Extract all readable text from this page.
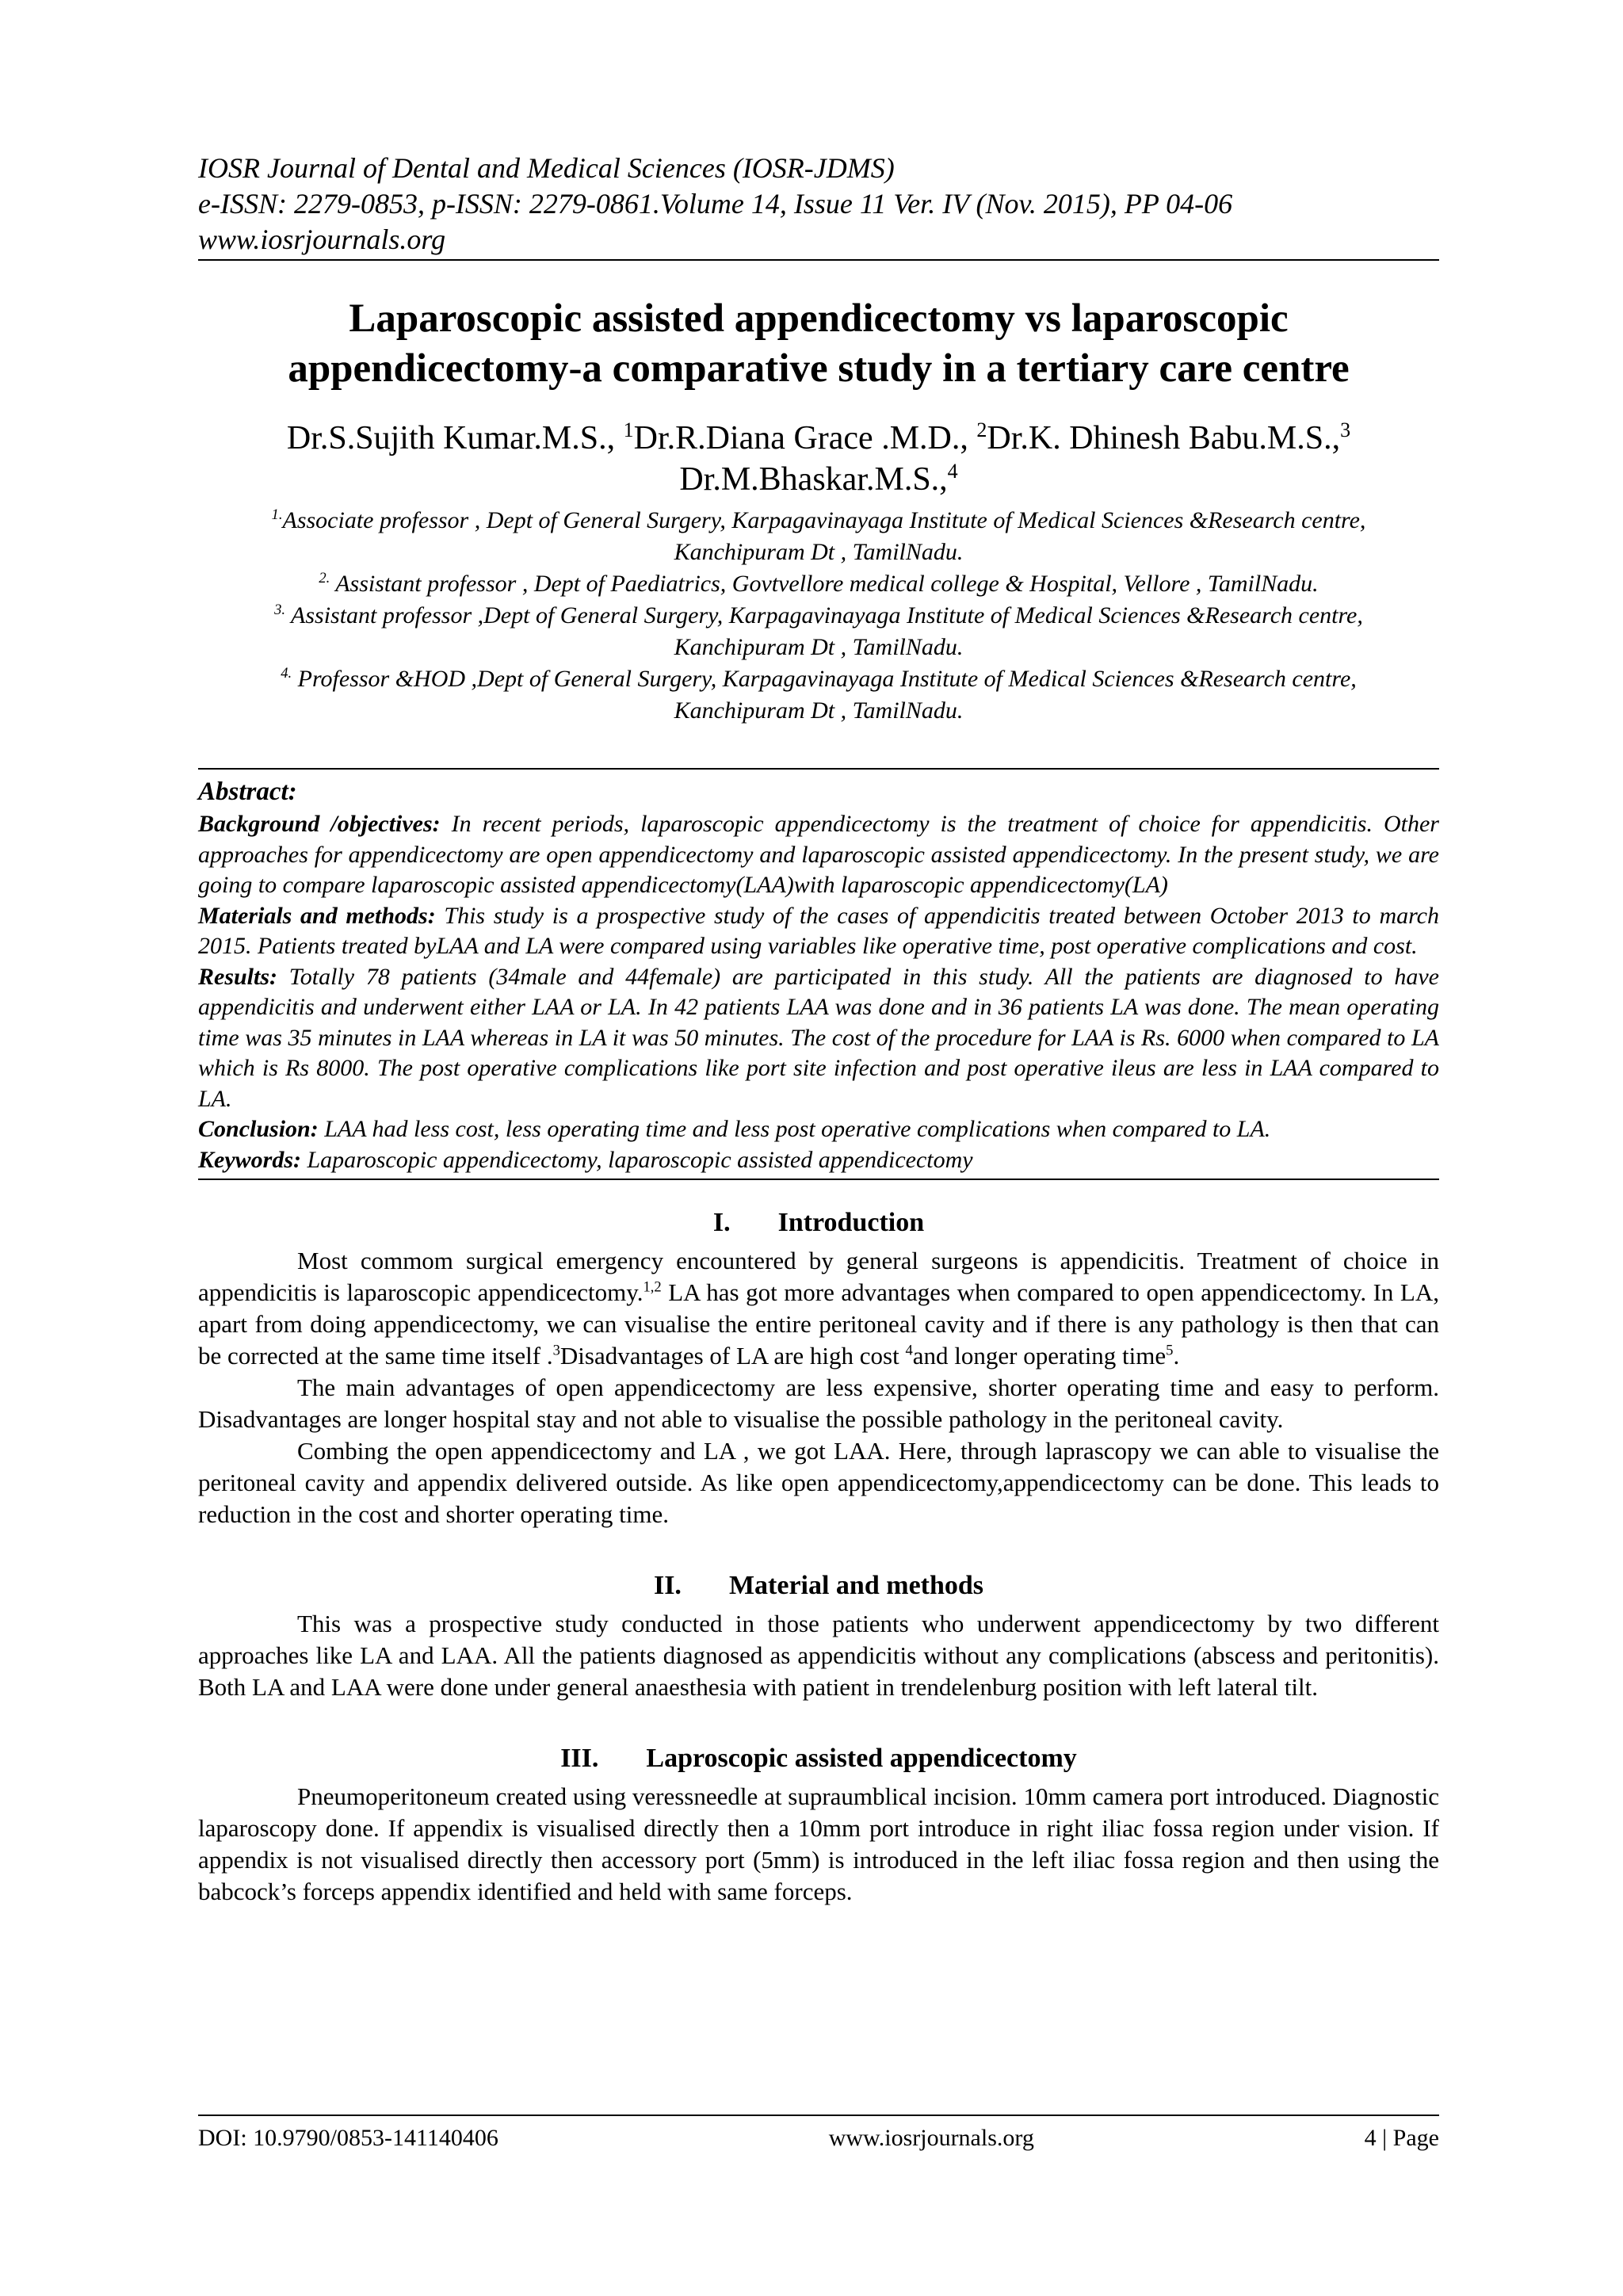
IOSR Journal of Dental and Medical Sciences (IOSR-JDMS)
e-ISSN: 2279-0853, p-ISSN: 2279-0861.Volume 14, Issue 11 Ver. IV (Nov. 2015), PP 04-06
www.iosrjournals.org
Laparoscopic assisted appendicectomy vs laparoscopic
appendicectomy-a comparative study in a tertiary care centre
Dr.S.Sujith Kumar.M.S., $^1$Dr.R.Diana Grace .M.D., $^2$Dr.K. Dhinesh Babu.M.S.,$^3$
Dr.M.Bhaskar.M.S.,$^4$
$^{1.}$Associate professor , Dept of General Surgery, Karpagavinayaga Institute of Medical Sciences &Research centre, Kanchipuram Dt , TamilNadu.
$^{2.}$ Assistant professor , Dept of Paediatrics, Govtvellore medical college & Hospital, Vellore , TamilNadu.
$^{3.}$ Assistant professor ,Dept of General Surgery, Karpagavinayaga Institute of Medical Sciences &Research centre, Kanchipuram Dt , TamilNadu.
$^{4.}$ Professor &HOD ,Dept of General Surgery, Karpagavinayaga Institute of Medical Sciences &Research centre, Kanchipuram Dt , TamilNadu.
Abstract:

Background /objectives: In recent periods, laparoscopic appendicectomy is the treatment of choice for appendicitis. Other approaches for appendicectomy are open appendicectomy and laparoscopic assisted appendicectomy. In the present study, we are going to compare laparoscopic assisted appendicectomy(LAA)with laparoscopic appendicectomy(LA)

Materials and methods: This study is a prospective study of the cases of appendicitis treated between October 2013 to march 2015. Patients treated byLAA and LA were compared using variables like operative time, post operative complications and cost.

Results: Totally 78 patients (34male and 44female) are participated in this study. All the patients are diagnosed to have appendicitis and underwent either LAA or LA. In 42 patients LAA was done and in 36 patients LA was done. The mean operating time was 35 minutes in LAA whereas in LA it was 50 minutes. The cost of the procedure for LAA is Rs. 6000 when compared to LA which is Rs 8000. The post operative complications like port site infection and post operative ileus are less in LAA compared to LA.

Conclusion: LAA had less cost, less operating time and less post operative complications when compared to LA.

Keywords: Laparoscopic appendicectomy, laparoscopic assisted appendicectomy

I. Introduction

Most commom surgical emergency encountered by general surgeons is appendicitis. Treatment of choice in appendicitis is laparoscopic appendicectomy.$^{1,2}$ LA has got more advantages when compared to open appendicectomy. In LA, apart from doing appendicectomy, we can visualise the entire peritoneal cavity and if there is any pathology is then that can be corrected at the same time itself .$^3$Disadvantages of LA are high cost $^4$and longer operating time$^5$.

The main advantages of open appendicectomy are less expensive, shorter operating time and easy to perform. Disadvantages are longer hospital stay and not able to visualise the possible pathology in the peritoneal cavity.

Combing the open appendicectomy and LA , we got LAA. Here, through laprascopy we can able to visualise the peritoneal cavity and appendix delivered outside. As like open appendicectomy,appendicectomy can be done. This leads to reduction in the cost and shorter operating time.

II. Material and methods

This was a prospective study conducted in those patients who underwent appendicectomy by two different approaches like LA and LAA. All the patients diagnosed as appendicitis without any complications (abscess and peritonitis). Both LA and LAA were done under general anaesthesia with patient in trendelenburg position with left lateral tilt.

III. Laproscopic assisted appendicectomy

Pneumoperitoneum created using veressneedle at supraumblical incision. 10mm camera port introduced. Diagnostic laparoscopy done. If appendix is visualised directly then a 10mm port introduce in right iliac fossa region under vision. If appendix is not visualised directly then accessory port (5mm) is introduced in the left iliac fossa region and then using the babcock’s forceps appendix identified and held with same forceps.

DOI: 10.9790/0853-141140406	www.iosrjournals.org	4 | Page
